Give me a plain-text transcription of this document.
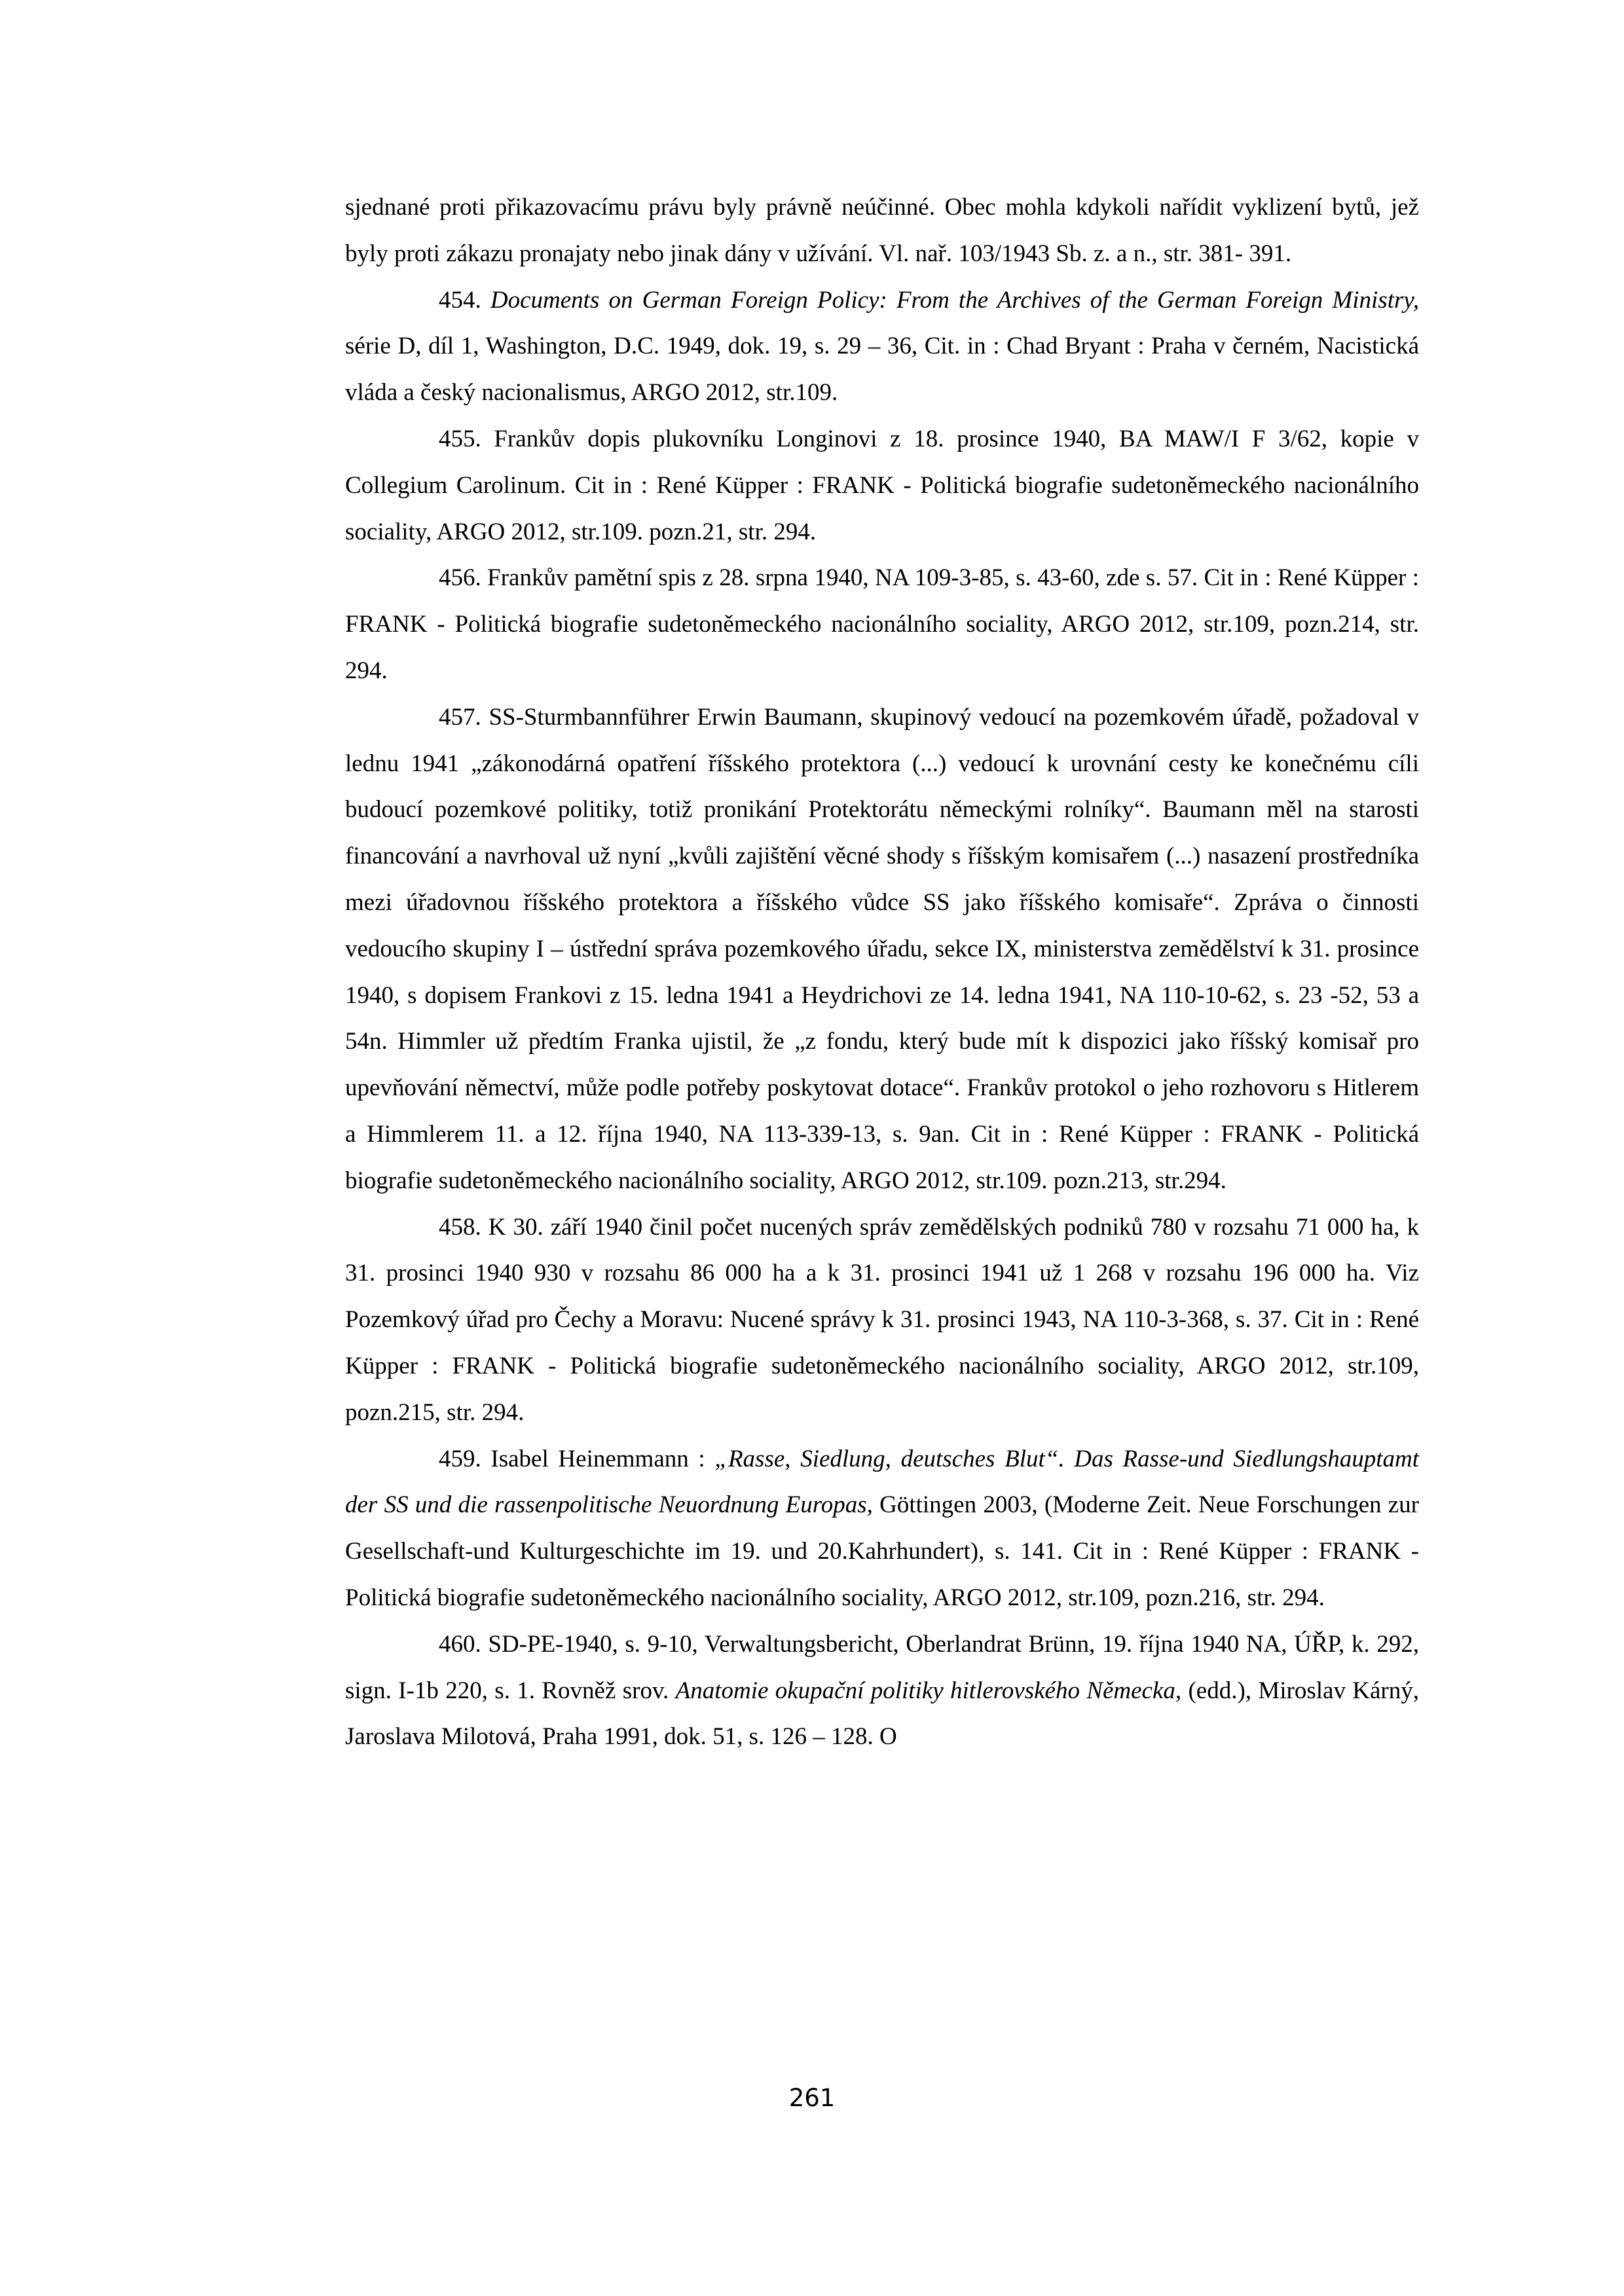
sjednané proti přikazovacímu právu byly právně neúčinné. Obec mohla kdykoli nařídit vyklizení bytů, jež byly proti zákazu pronajaty nebo jinak dány v užívání. Vl. nař. 103/1943 Sb. z. a n., str. 381- 391.

454. Documents on German Foreign Policy: From the Archives of the German Foreign Ministry, série D, díl 1, Washington, D.C. 1949, dok. 19, s. 29 – 36, Cit. in : Chad Bryant : Praha v černém, Nacistická vláda a český nacionalismus, ARGO 2012, str.109.

455. Frankův dopis plukovníku Longinovi z 18. prosince 1940, BA MAW/I F 3/62, kopie v Collegium Carolinum. Cit in : René Küpper : FRANK - Politická biografie sudetoněmeckého nacionálního sociality, ARGO 2012, str.109. pozn.21, str. 294.

456. Frankův pamětní spis z 28. srpna 1940, NA 109-3-85, s. 43-60, zde s. 57. Cit in : René Küpper : FRANK - Politická biografie sudetoněmeckého nacionálního sociality, ARGO 2012, str.109, pozn.214, str. 294.

457. SS-Sturmbannführer Erwin Baumann, skupinový vedoucí na pozemkovém úřadě, požadoval v lednu 1941 „zákonodárná opatření říšského protektora (...) vedoucí k urovnání cesty ke konečnému cíli budoucí pozemkové politiky, totiž pronikání Protektorátu německými rolníky“. Baumann měl na starosti financování a navrhoval už nyní „kvůli zajištění věcné shody s říšským komisařem (...) nasazení prostředníka mezi úřadovnou říšského protektora a říšského vůdce SS jako říšského komisaře“. Zpráva o činnosti vedoucího skupiny I – ústřední správa pozemkového úřadu, sekce IX, ministerstva zemědělství k 31. prosince 1940, s dopisem Frankovi z 15. ledna 1941 a Heydrichovi ze 14. ledna 1941, NA 110-10-62, s. 23 -52, 53 a 54n. Himmler už předtím Franka ujistil, že „z fondu, který bude mít k dispozici jako říšský komisař pro upevňování němectví, může podle potřeby poskytovat dotace“. Frankův protokol o jeho rozhovoru s Hitlerem a Himmlerem 11. a 12. října 1940, NA 113-339-13, s. 9an. Cit in : René Küpper : FRANK - Politická biografie sudetoněmeckého nacionálního sociality, ARGO 2012, str.109. pozn.213, str.294.

458. K 30. září 1940 činil počet nucených správ zemědělských podniků 780 v rozsahu 71 000 ha, k 31. prosinci 1940 930 v rozsahu 86 000 ha a k 31. prosinci 1941 už 1 268 v rozsahu 196 000 ha. Viz Pozemkový úřad pro Čechy a Moravu: Nucené správy k 31. prosinci 1943, NA 110-3-368, s. 37. Cit in : René Küpper : FRANK - Politická biografie sudetoněmeckého nacionálního sociality, ARGO 2012, str.109, pozn.215, str. 294.

459. Isabel Heinemmann : „Rasse, Siedlung, deutsches Blut“. Das Rasse-und Siedlungshauptamt der SS und die rassenpolitische Neuordnung Europas, Göttingen 2003, (Moderne Zeit. Neue Forschungen zur Gesellschaft-und Kulturgeschichte im 19. und 20.Kahrhundert), s. 141. Cit in : René Küpper : FRANK - Politická biografie sudetoněmeckého nacionálního sociality, ARGO 2012, str.109, pozn.216, str. 294.

460. SD-PE-1940, s. 9-10, Verwaltungsbericht, Oberlandrat Brünn, 19. října 1940 NA, ÚŘP, k. 292, sign. I-1b 220, s. 1. Rovněž srov. Anatomie okupační politiky hitlerovského Německa, (edd.), Miroslav Kárný, Jaroslava Milotová, Praha 1991, dok. 51, s. 126 – 128. O

261
